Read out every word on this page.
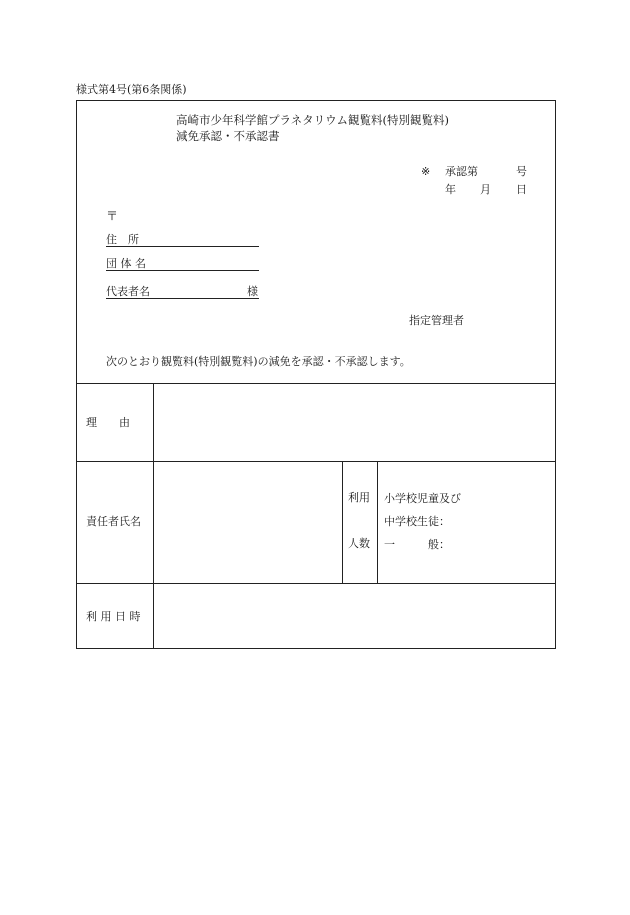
様式第4号(第6条関係)
高崎市少年科学館プラネタリウム観覧料(特別観覧料)
減免承認・不承認書
※ 承認第	号
年 月 日
〒
住　所
団 体 名
代表者名	様
指定管理者
次のとおり観覧料(特別観覧料)の減免を承認・不承認します。
理　　由
責任者氏名
利用
人数
小学校児童及び
中学校生徒：
一　　　般：
利 用 日 時
